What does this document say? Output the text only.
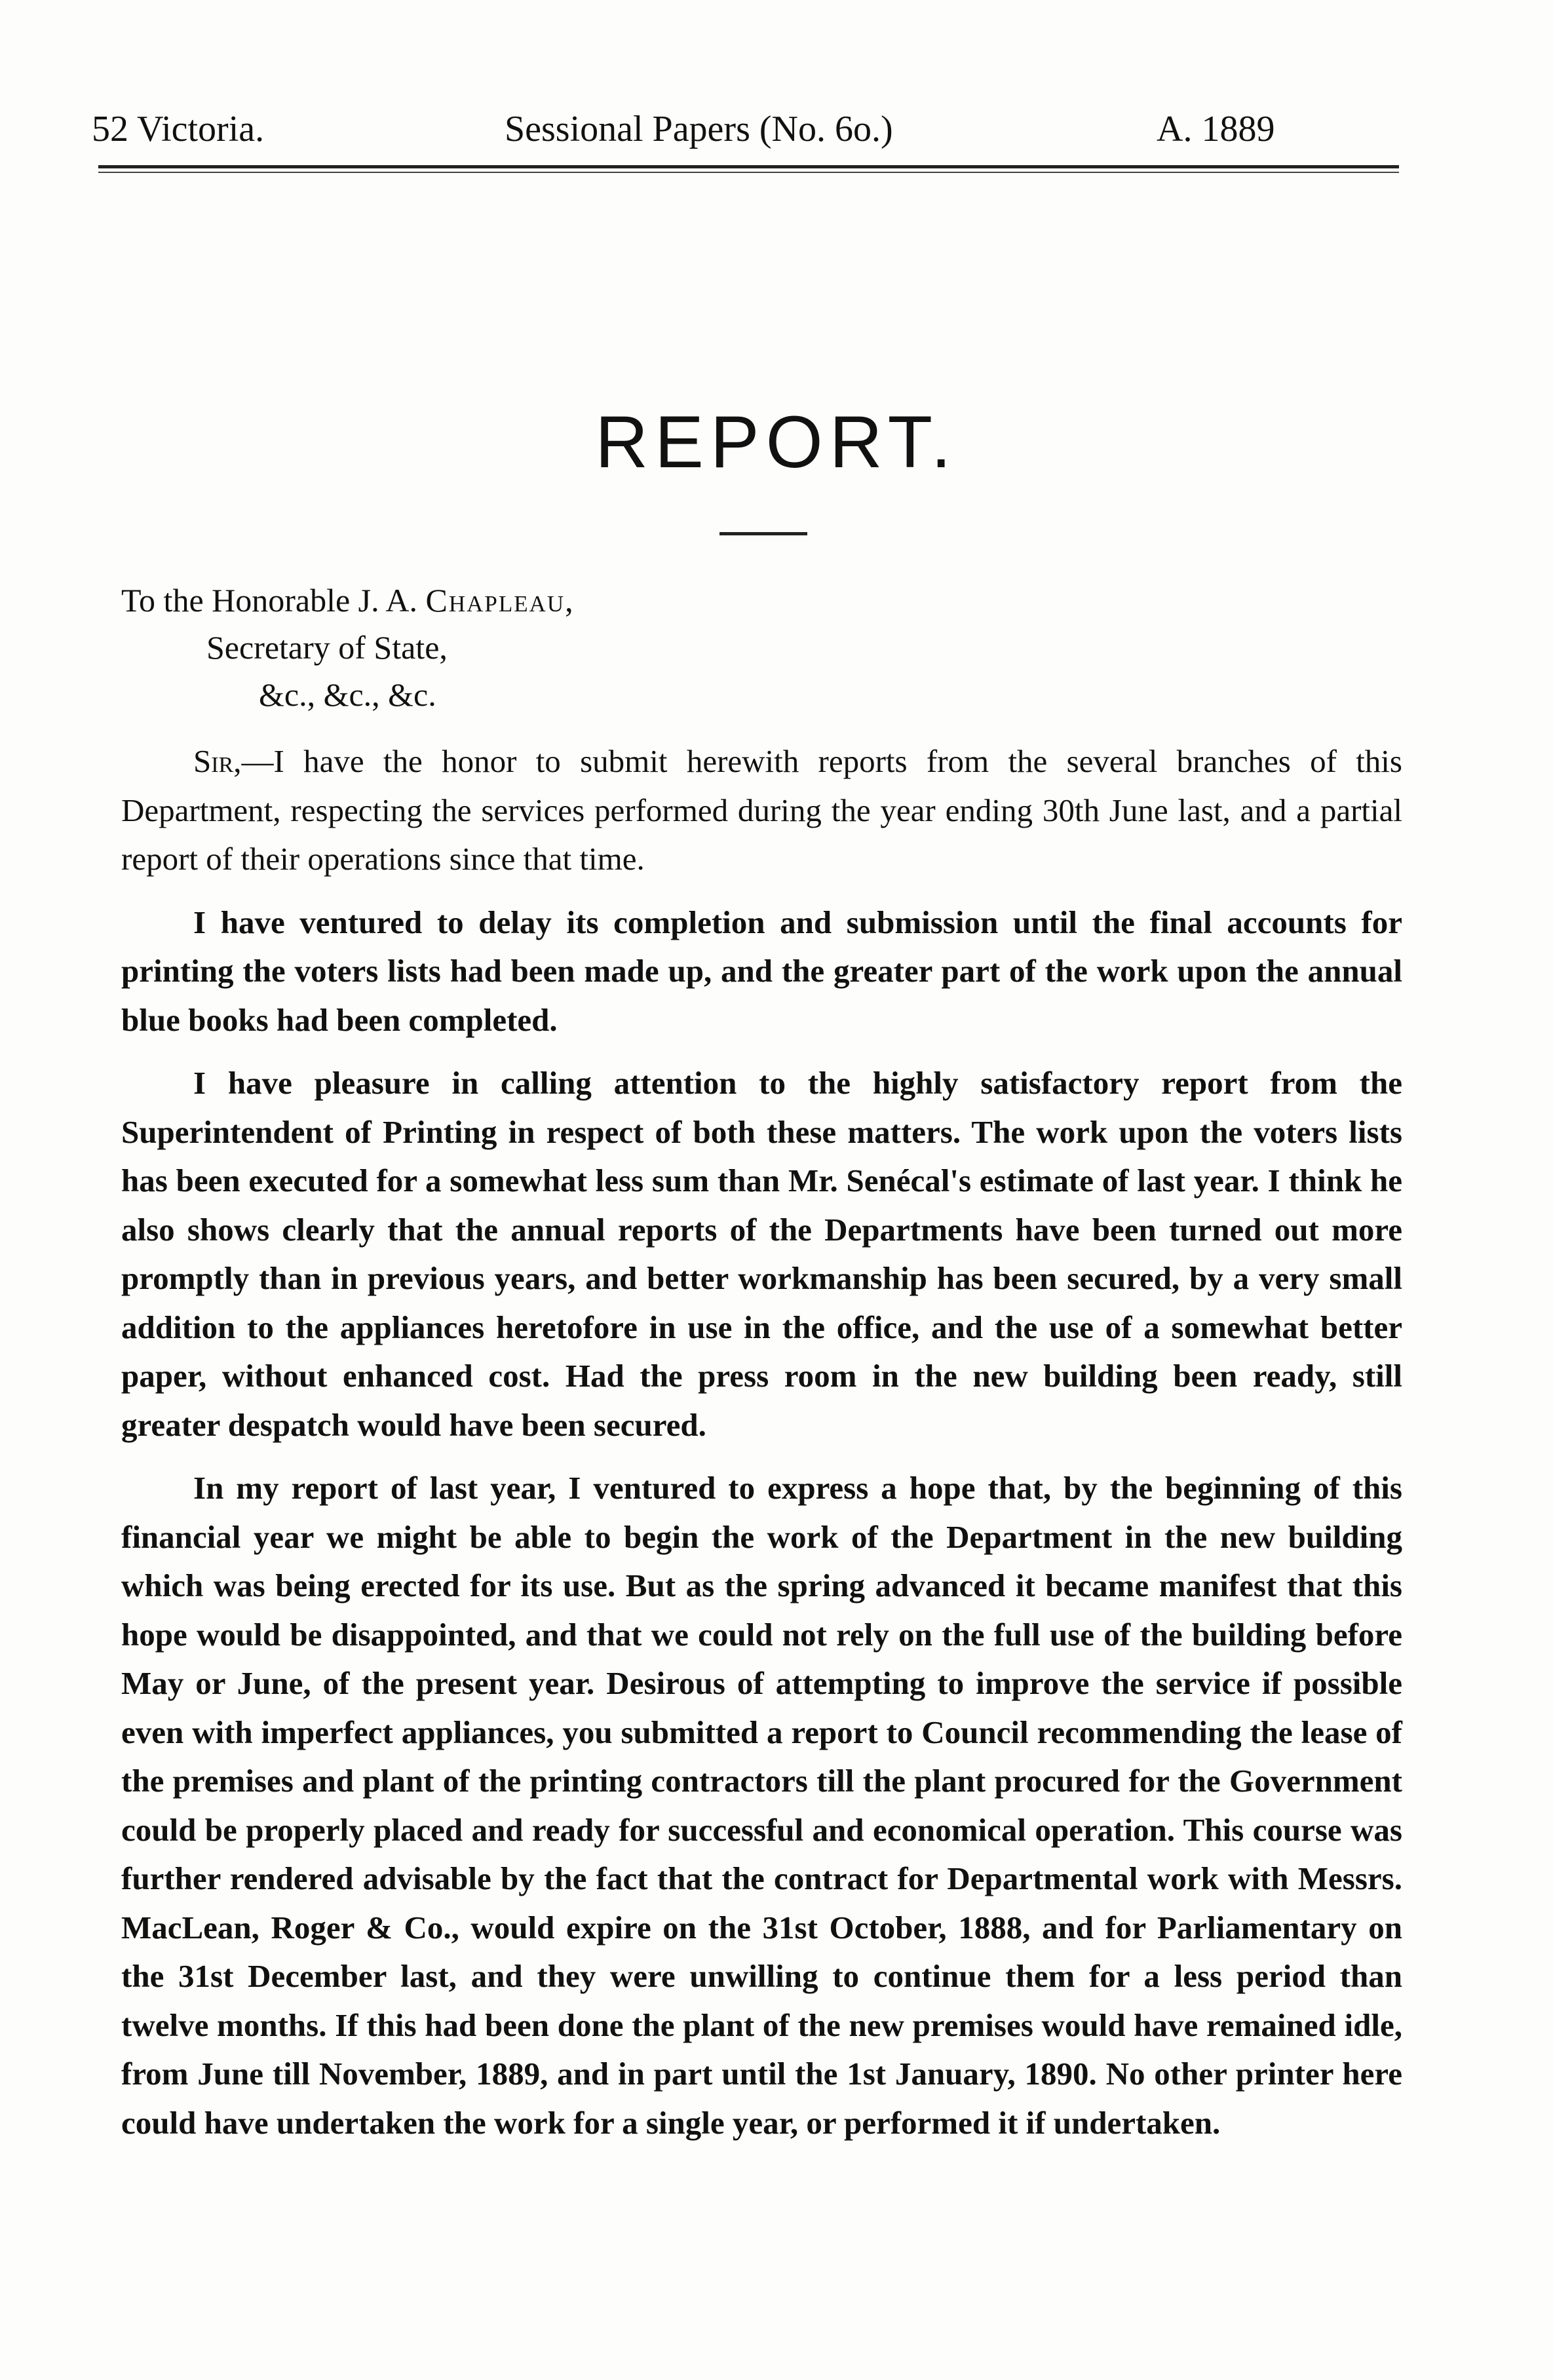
52 Victoria.	Sessional Papers (No. 6o.)	A. 1889
REPORT.
To the Honorable J. A. Chapleau,
Secretary of State,
&c., &c., &c.

Sir,—I have the honor to submit herewith reports from the several branches of this Department, respecting the services performed during the year ending 30th June last, and a partial report of their operations since that time.

I have ventured to delay its completion and submission until the final accounts for printing the voters lists had been made up, and the greater part of the work upon the annual blue books had been completed.

I have pleasure in calling attention to the highly satisfactory report from the Superintendent of Printing in respect of both these matters. The work upon the voters lists has been executed for a somewhat less sum than Mr. Senécal's estimate of last year. I think he also shows clearly that the annual reports of the Departments have been turned out more promptly than in previous years, and better workmanship has been secured, by a very small addition to the appliances heretofore in use in the office, and the use of a somewhat better paper, without enhanced cost. Had the press room in the new building been ready, still greater despatch would have been secured.

In my report of last year, I ventured to express a hope that, by the beginning of this financial year we might be able to begin the work of the Department in the new building which was being erected for its use. But as the spring advanced it became manifest that this hope would be disappointed, and that we could not rely on the full use of the building before May or June, of the present year. Desirous of attempting to improve the service if possible even with imperfect appliances, you submitted a report to Council recommending the lease of the premises and plant of the printing contractors till the plant procured for the Government could be properly placed and ready for successful and economical operation. This course was further rendered advisable by the fact that the contract for Departmental work with Messrs. MacLean, Roger & Co., would expire on the 31st October, 1888, and for Parliamentary on the 31st December last, and they were unwilling to continue them for a less period than twelve months. If this had been done the plant of the new premises would have remained idle, from June till November, 1889, and in part until the 1st January, 1890. No other printer here could have undertaken the work for a single year, or performed it if undertaken.
